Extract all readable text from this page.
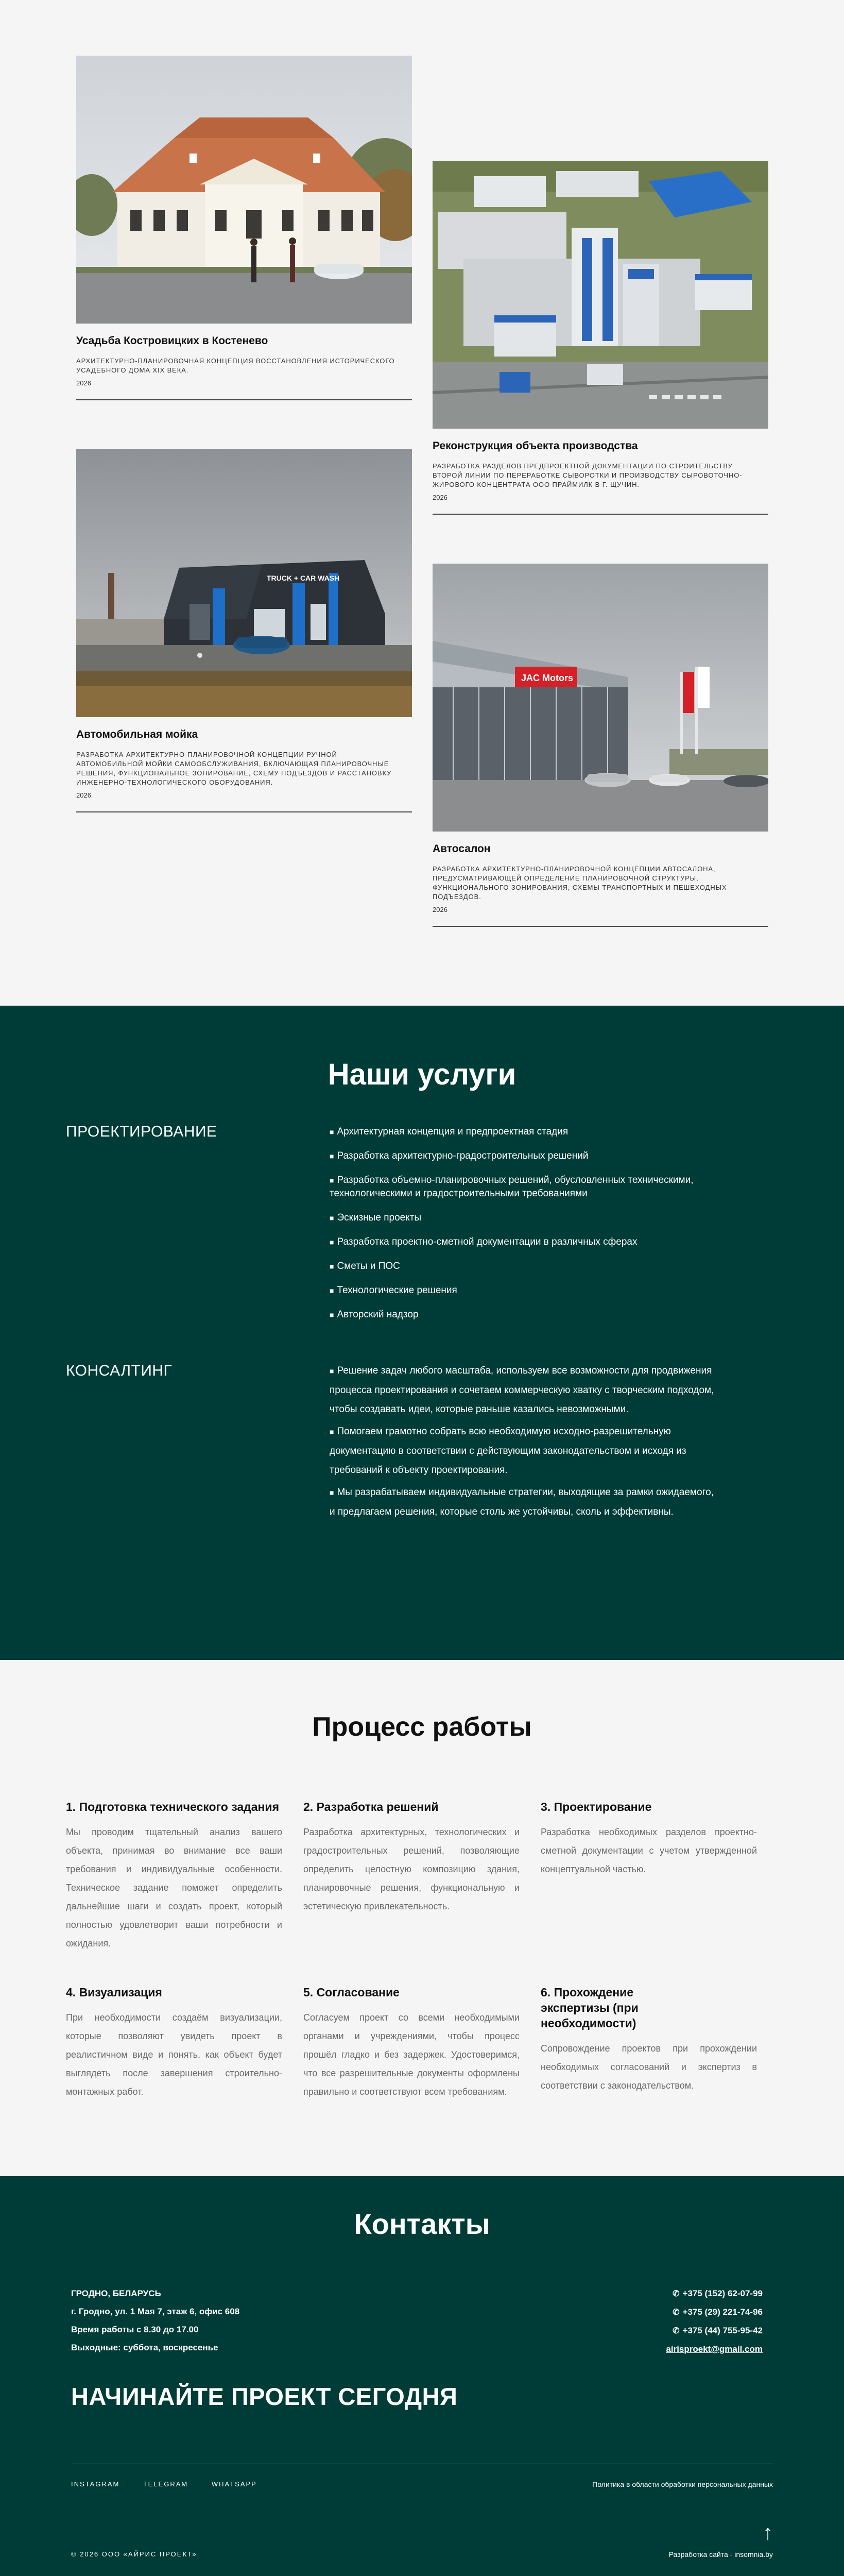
Усадьба Костровицких в Костенево
АРХИТЕКТУРНО-ПЛАНИРОВОЧНАЯ КОНЦЕПЦИЯ ВОССТАНОВЛЕНИЯ ИСТОРИЧЕСКОГО УСАДЕБНОГО ДОМА XIX ВЕКА.
2026
Реконструкция объекта производства
РАЗРАБОТКА РАЗДЕЛОВ ПРЕДПРОЕКТНОЙ ДОКУМЕНТАЦИИ ПО СТРОИТЕЛЬСТВУ ВТОРОЙ ЛИНИИ ПО ПЕРЕРАБОТКЕ СЫВОРОТКИ И ПРОИЗВОДСТВУ СЫРОВОТОЧНО-ЖИРОВОГО КОНЦЕНТРАТА ООО ПРАЙМИЛК В Г. ЩУЧИН.
2026
TRUCK + CAR WASH
Автомобильная мойка
РАЗРАБОТКА АРХИТЕКТУРНО-ПЛАНИРОВОЧНОЙ КОНЦЕПЦИИ РУЧНОЙ АВТОМОБИЛЬНОЙ МОЙКИ САМООБСЛУЖИВАНИЯ, ВКЛЮЧАЮЩАЯ ПЛАНИРОВОЧНЫЕ РЕШЕНИЯ, ФУНКЦИОНАЛЬНОЕ ЗОНИРОВАНИЕ, СХЕМУ ПОДЪЕЗДОВ И РАССТАНОВКУ ИНЖЕНЕРНО-ТЕХНОЛОГИЧЕСКОГО ОБОРУДОВАНИЯ.
2026
JAC Motors
Автосалон
РАЗРАБОТКА АРХИТЕКТУРНО-ПЛАНИРОВОЧНОЙ КОНЦЕПЦИИ АВТОСАЛОНА, ПРЕДУСМАТРИВАЮЩЕЙ ОПРЕДЕЛЕНИЕ ПЛАНИРОВОЧНОЙ СТРУКТУРЫ, ФУНКЦИОНАЛЬНОГО ЗОНИРОВАНИЯ, СХЕМЫ ТРАНСПОРТНЫХ И ПЕШЕХОДНЫХ ПОДЪЕЗДОВ.
2026
Наши услуги
ПРОЕКТИРОВАНИЕ	■ Архитектурная концепция и предпроектная стадия
■ Разработка архитектурно-градостроительных решений
■ Разработка объемно-планировочных решений, обусловленных техническими, технологическими и градостроительными требованиями
■ Эскизные проекты
■ Разработка проектно-сметной документации в различных сферах
■ Сметы и ПОС
■ Технологические решения
■ Авторский надзор
КОНСАЛТИНГ	■ Решение задач любого масштаба, используем все возможности для продвижения процесса проектирования и сочетаем коммерческую хватку с творческим подходом, чтобы создавать идеи, которые раньше казались невозможными.
■ Помогаем грамотно собрать всю необходимую исходно-разрешительную документацию в соответствии с действующим законодательством и исходя из требований к объекту проектирования.
■ Мы разрабатываем индивидуальные стратегии, выходящие за рамки ожидаемого, и предлагаем решения, которые столь же устойчивы, сколь и эффективны.
Процесс работы
1. Подготовка технического задания

Мы проводим тщательный анализ вашего объекта, принимая во внимание все ваши требования и индивидуальные особенности. Техническое задание поможет определить дальнейшие шаги и создать проект, который полностью удовлетворит ваши потребности и ожидания.

2. Разработка решений

Разработка архитектурных, технологических и градостроительных решений, позволяющие определить целостную композицию здания, планировочные решения, функциональную и эстетическую привлекательность.

3. Проектирование

Разработка необходимых разделов проектно-сметной документации с учетом утвержденной концептуальной частью.

4. Визуализация

При необходимости создаём визуализации, которые позволяют увидеть проект в реалистичном виде и понять, как объект будет выглядеть после завершения строительно-монтажных работ.

5. Согласование

Согласуем проект со всеми необходимыми органами и учреждениями, чтобы процесс прошёл гладко и без задержек. Удостоверимся, что все разрешительные документы оформлены правильно и соответствуют всем требованиям.

6. Прохождение экспертизы (при необходимости)

Сопровождение проектов при прохождении необходимых согласований и экспертиз в соответствии с законодательством.

Контакты
ГРОДНО, БЕЛАРУСЬ
г. Гродно, ул. 1 Мая 7, этаж 6, офис 608
Время работы с 8.30 до 17.00
Выходные: суббота, воскресенье
✆ +375 (152) 62-07-99
✆ +375 (29) 221-74-96
✆ +375 (44) 755-95-42
airisproekt@gmail.com
НАЧИНАЙТЕ ПРОЕКТ СЕГОДНЯ
INSTAGRAM	TELEGRAM	WHATSAPP	Политика в области обработки персональных данных
↑
© 2026 ООО «АЙРИС ПРОЕКТ».	Разработка сайта - insomnia.by
